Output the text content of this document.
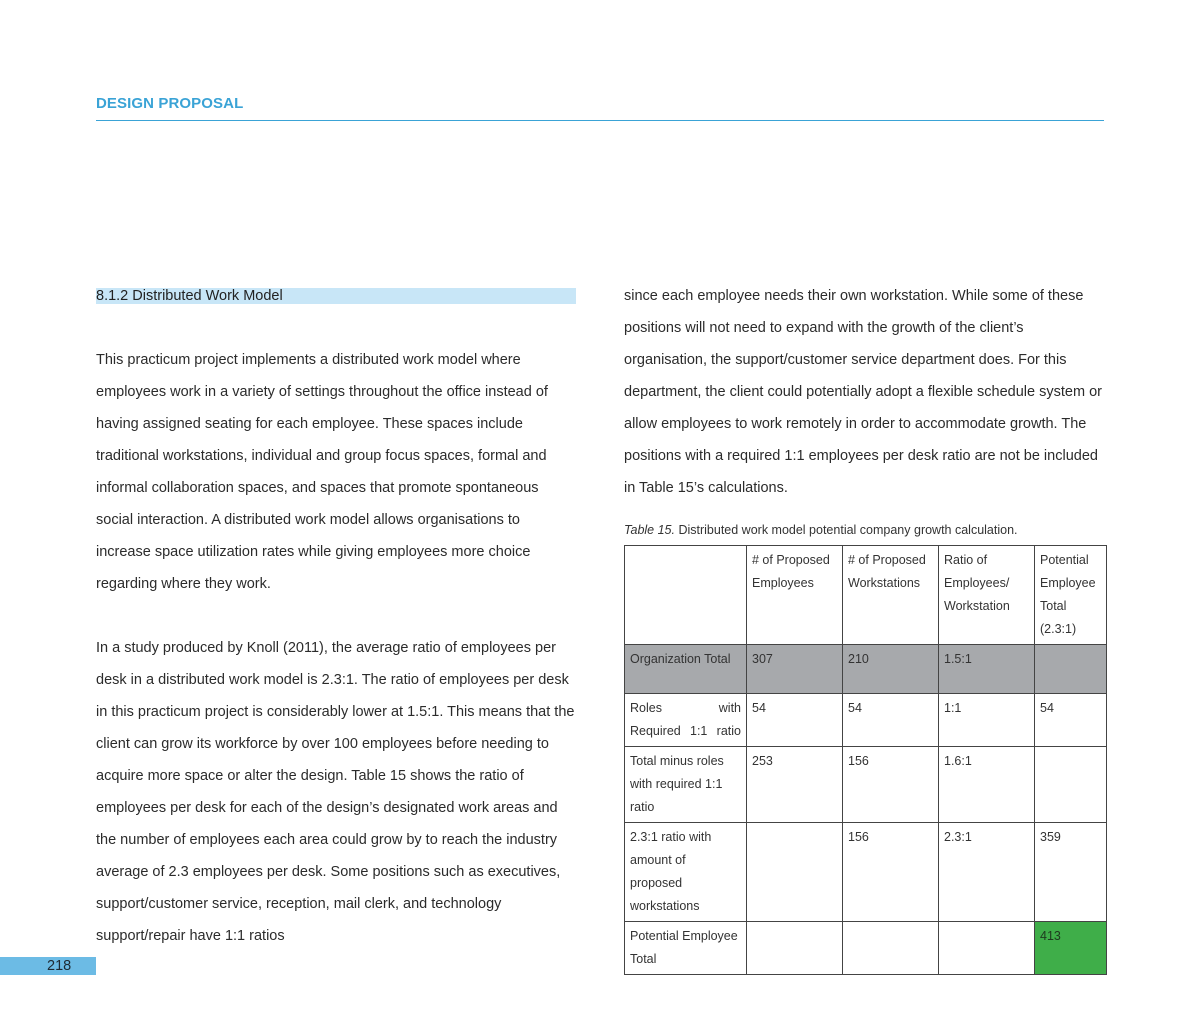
DESIGN PROPOSAL
8.1.2 Distributed Work Model

This practicum project implements a distributed work model where employees work in a variety of settings throughout the office instead of having assigned seating for each employee. These spaces include traditional workstations, individual and group focus spaces, formal and informal collaboration spaces, and spaces that promote spontaneous social interaction. A distributed work model allows organisations to increase space utilization rates while giving employees more choice regarding where they work.

In a study produced by Knoll (2011), the average ratio of employees per desk in a distributed work model is 2.3:1. The ratio of employees per desk in this practicum project is considerably lower at 1.5:1. This means that the client can grow its workforce by over 100 employees before needing to acquire more space or alter the design. Table 15 shows the ratio of employees per desk for each of the design’s designated work areas and the number of employees each area could grow by to reach the industry average of 2.3 employees per desk. Some positions such as executives, support/customer service, reception, mail clerk, and technology support/repair have 1:1 ratios

since each employee needs their own workstation. While some of these positions will not need to expand with the growth of the client’s organisation, the support/customer service department does. For this department, the client could potentially adopt a flexible schedule system or allow employees to work remotely in order to accommodate growth. The positions with a required 1:1 employees per desk ratio are not be included in Table 15’s calculations.

Table 15. Distributed work model potential company growth calculation.
	# of Proposed Employees	# of Proposed Workstations	Ratio of Employees/ Workstation	Potential Employee Total (2.3:1)
Organization Total	307	210	1.5:1	
Roles with Required 1:1 ratio	54	54	1:1	54
Total minus roles with required 1:1 ratio	253	156	1.6:1	
2.3:1 ratio with amount of proposed workstations		156	2.3:1	359
Potential Employee Total				413
218
